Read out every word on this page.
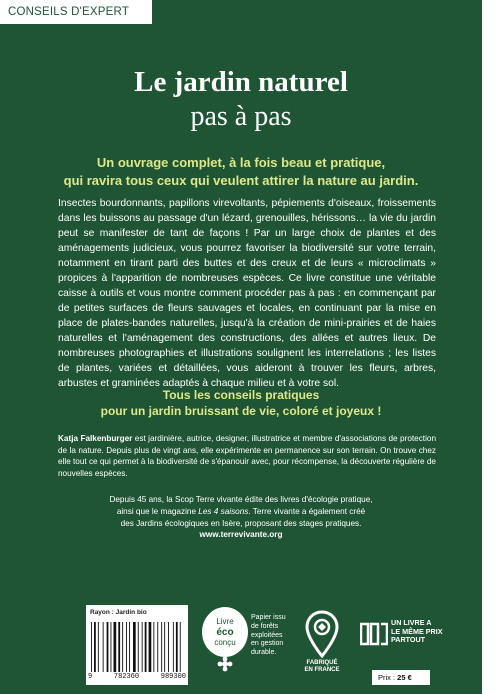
CONSEILS D'EXPERT
Le jardin naturel
pas à pas
Un ouvrage complet, à la fois beau et pratique,
qui ravira tous ceux qui veulent attirer la nature au jardin.
Insectes bourdonnants, papillons virevoltants, pépiements d'oiseaux, froissements dans les buissons au passage d'un lézard, grenouilles, hérissons… la vie du jardin peut se manifester de tant de façons ! Par un large choix de plantes et des aménagements judicieux, vous pourrez favoriser la biodiversité sur votre terrain, notamment en tirant parti des buttes et des creux et de leurs « microclimats » propices à l'apparition de nombreuses espèces. Ce livre constitue une véritable caisse à outils et vous montre comment procéder pas à pas : en commençant par de petites surfaces de fleurs sauvages et locales, en continuant par la mise en place de plates-bandes naturelles, jusqu'à la création de mini-prairies et de haies naturelles et l'aménagement des constructions, des allées et autres lieux. De nombreuses photographies et illustrations soulignent les interrelations ; les listes de plantes, variées et détaillées, vous aideront à trouver les fleurs, arbres, arbustes et graminées adaptés à chaque milieu et à votre sol.
Tous les conseils pratiques
pour un jardin bruissant de vie, coloré et joyeux !
Katja Falkenburger est jardinière, autrice, designer, illustratrice et membre d'associations de protection de la nature. Depuis plus de vingt ans, elle expérimente en permanence sur son terrain. On trouve chez elle tout ce qui permet à la biodiversité de s'épanouir avec, pour récompense, la découverte régulière de nouvelles espèces.
Depuis 45 ans, la Scop Terre vivante édite des livres d'écologie pratique,
ainsi que le magazine Les 4 saisons. Terre vivante a également créé
des Jardins écologiques en Isère, proposant des stages pratiques.
www.terrevivante.org
Rayon : Jardin bio
9	782360	989300
Livre
éco
conçu
Papier issu
de forêts
exploitées
en gestion
durable.
FABRIQUÉ
EN FRANCE
UN LIVRE A
LE MÊME PRIX
PARTOUT
Prix : 25 €
